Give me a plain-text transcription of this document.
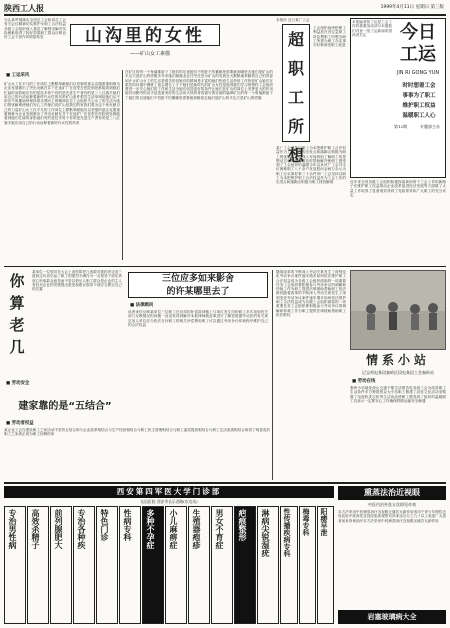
陕西工人报	1999年4月11日 星期日 第三版
为认真贯彻落实全国总工会和省总工会有关会议精神切实维护女职工合法权益各级工会组织深入基层了解情况解决实际困难取得了较好效果职工群众反映良好工会干部作风明显转变
■ 工运采风
山沟里的女性
——矿山女工素描
矿山女工在平凡的工作岗位上默默奉献她们以坚强的意志克服重重困难为企业发展做出了突出贡献在井下在选矿厂在食堂在医院到处都能看到她们忙碌的身影她们有的是技术骨干有的是先进生产者有的是三八红旗手她们用自己的行动诠释着新时代女性的风采矿山条件艰苦生活单调但她们从不叫苦不叫累始终保持着乐观向上的精神状态工会组织关心女工的生活为她们排忧解难使她们安心工作她们说矿山是我们的家我们要为这个家贡献自己的力量矿山女工在平凡的工作岗位上默默奉献她们以坚强的意志克服重重困难为企业发展做出了突出贡献在井下在选矿厂在食堂在医院到处都能看到她们忙碌的身影她们有的是技术骨干有的是先进生产者有的是三八红旗手她们用自己的行动诠释着新时代女性的风采
在矿区的每一个角落都留下了她们的足迹她们不怕脏不怕累哪里需要就到哪里去她们是矿山的半边天是矿山的骄傲多年来她们兢兢业业任劳任怨为矿山的发展壮大默默地奉献着自己的青春和汗水矿山女工的生活是艰苦的但她们的精神是丰富的她们热爱生活热爱工作热爱矿山她们在艰苦的环境中磨炼了意志增长了才干她们是新时代的矿山女性是值得我们学习的榜样工会组织要进一步关心她们的工作和生活为她们创造更好的条件让她们在矿山的岗位上发挥更大的作用她们用勤劳的双手创造着美好的生活用火热的青春谱写着壮丽的篇章矿区的每一个角落都留下了她们的足迹她们不怕脏不怕累哪里需要就到哪里去她们是矿山的半边天是矿山的骄傲
超职工所想
本报讯 近日某厂工会
工会组织始终把职工利益放在首位急职工所急想职工所想办职工所需为职工办实事办好事深受职工欢迎
某厂工会坚持以职工为本把维护职工合法权益作为工会工作的出发点和落脚点积极为职工排忧解难他们深入车间班组了解职工的思想动态和实际困难及时帮助解决使职工感受到了工会组织的温暖今年以来该厂工会共走访困难职工八十余户发放慰问金两万余元为职工办实事好事三十余件该厂工会坚持以职工为本把维护职工合法权益作为工会工作的出发点和落脚点积极为职工排忧解难
本报编者按工运是工会工作的重要组成部分本期我们刊登一组工运新闻希望读者关注	今日工运
JIN RI GONG YUN
时时想着工会
事事为了职工
维护职工权益
温暖职工人心
第12期	专题部主办
近年来全省各级工会组织积极探索新形势下工会工作的新路子在维护职工权益推动企业改革促进经济发展等方面做了大量工作取得了显著成效得到了党政领导和广大职工的充分肯定
你算老几
某单位一位领导在大会上说你算老几竟敢对我的决定说三道四这句话引起了职工的强烈不满作为一名领导干部应该虚心听取群众意见而不是以势压人职工群众是企业的主人有权对企业的决策提出意见和建议领导干部应当摆正自己的位置
■ 劳动安全
三位应多如来影舍
的许某哪里去了
■ 法律顾问
读者来信反映某单位三位职工在应得的补偿款问题上与单位发生纠纷职工多次找到有关部门反映情况但问题一直没有得到解决本报律师就此事进行了解答根据劳动法的有关规定用人单位应当依法支付职工的相关补偿费用职工可以通过劳动争议仲裁程序维护自己的合法权益
随着改革的不断深入劳动关系发生了深刻变化劳动争议案件逐年增多如何依法维护职工合法权益成为各级工会组织面临的一项重要任务工会组织要积极参与劳动争议的调解和仲裁工作为职工提供法律援助帮助职工依法维权随着改革的不断深入劳动关系发生了深刻变化劳动争议案件逐年增多如何依法维护职工合法权益成为各级工会组织面临的一项重要任务工会组织要积极参与劳动争议的调解和仲裁工作为职工提供法律援助帮助职工依法维权
情系小站
记宝鸡电务段秦岭区段电务段工会秦岭站
■ 劳动在线
秦岭小站地处深山交通不便生活艰苦电务段工会为改善职工生活条件多方筹措资金为小站职工修建了浴室文化活动室购置了电视机洗衣机等生活用品使职工感受到了组织的温暖职工们表示一定要安心工作确保铁路运输安全畅通
建家靠的是“五结合”
■ 劳动者权益
某企业工会在建设职工之家活动中坚持五结合即与企业改革相结合与生产经营相结合与职工民主管理相结合与职工素质提高相结合与职工生活改善相结合取得了明显成效职工之家真正成为职工信赖的家
西安第四军医大学门诊部
友谊医院 西安市长乐西路(东边站)
专治男性病	高效杀精子	前列腺肥大	专治各种疾	特色门诊	性病专科	多种不孕症	小儿麻痹症	生殖器疱疹	男女不育症	疤痕整形	淋病尖锐湿疣	性传播疾病专科 梅毒专科 阳痿早泄
熏蒸法治近视眼
中医内治外洗五次即见奇效
本方法采用中药熏蒸治疗近视眼无痛苦无副作用适用于青少年假性近视及轻中度真性近视经临床观察有效率达百分之九十以上欢迎广大患者前来咨询治疗本方法采用中药熏蒸治疗近视眼无痛苦无副作用
岩塞玻璃病大全
